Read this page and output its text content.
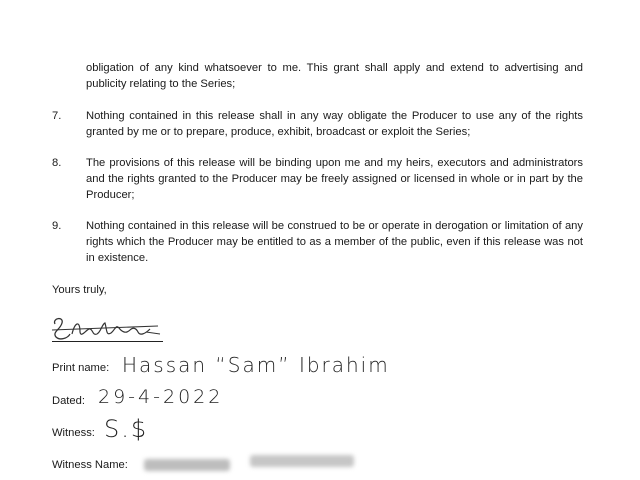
obligation of any kind whatsoever to me. This grant shall apply and extend to advertising and publicity relating to the Series;
7.	Nothing contained in this release shall in any way obligate the Producer to use any of the rights granted by me or to prepare, produce, exhibit, broadcast or exploit the Series;
8.	The provisions of this release will be binding upon me and my heirs, executors and administrators and the rights granted to the Producer may be freely assigned or licensed in whole or in part by the Producer;
9.	Nothing contained in this release will be construed to be or operate in derogation or limitation of any rights which the Producer may be entitled to as a member of the public, even if this release was not in existence.
Yours truly,
Print name: Hassan “Sam” Ibrahim
Dated: 29-4-2022
Witness: S.$
Witness Name:
